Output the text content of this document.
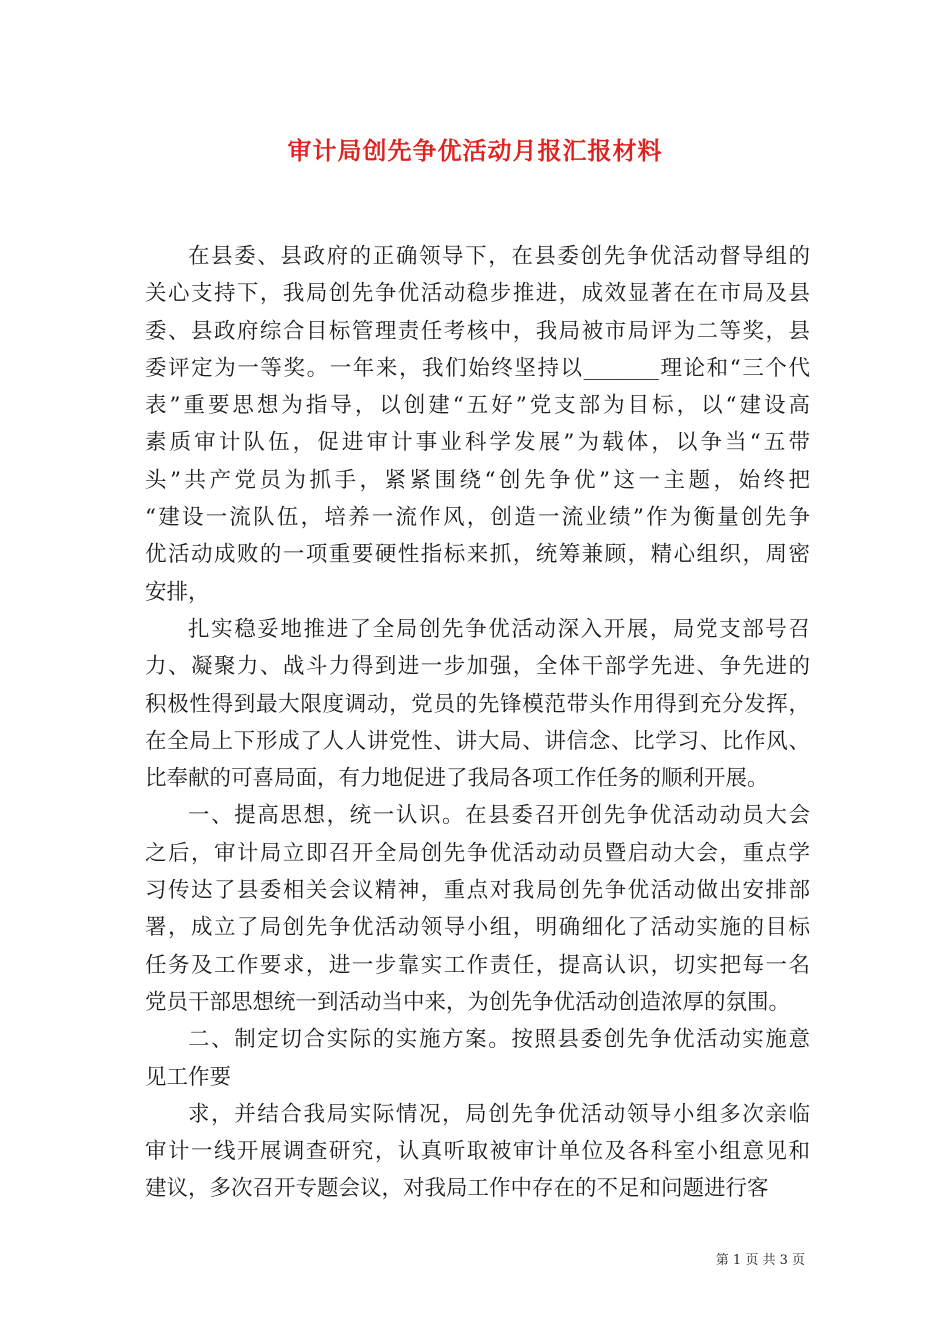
审计局创先争优活动月报汇报材料

在县委、县政府的正确领导下，在县委创先争优活动督导组的
关心支持下，我局创先争优活动稳步推进，成效显著在在市局及县
委、县政府综合目标管理责任考核中，我局被市局评为二等奖，县
委评定为一等奖。一年来，我们始终坚持以_______理论和“三个代
表”重要思想为指导，以创建“五好”党支部为目标，以“建设高
素质审计队伍，促进审计事业科学发展”为载体，以争当“五带
头”共产党员为抓手，紧紧围绕“创先争优”这一主题，始终把
“建设一流队伍，培养一流作风，创造一流业绩”作为衡量创先争
优活动成败的一项重要硬性指标来抓，统筹兼顾，精心组织，周密
安排，

扎实稳妥地推进了全局创先争优活动深入开展，局党支部号召
力、凝聚力、战斗力得到进一步加强，全体干部学先进、争先进的
积极性得到最大限度调动，党员的先锋模范带头作用得到充分发挥，
在全局上下形成了人人讲党性、讲大局、讲信念、比学习、比作风、
比奉献的可喜局面，有力地促进了我局各项工作任务的顺利开展。

一、提高思想，统一认识。在县委召开创先争优活动动员大会
之后，审计局立即召开全局创先争优活动动员暨启动大会，重点学
习传达了县委相关会议精神，重点对我局创先争优活动做出安排部
署，成立了局创先争优活动领导小组，明确细化了活动实施的目标
任务及工作要求，进一步靠实工作责任，提高认识，切实把每一名
党员干部思想统一到活动当中来，为创先争优活动创造浓厚的氛围。

二、制定切合实际的实施方案。按照县委创先争优活动实施意
见工作要

求，并结合我局实际情况，局创先争优活动领导小组多次亲临
审计一线开展调查研究，认真听取被审计单位及各科室小组意见和
建议，多次召开专题会议，对我局工作中存在的不足和问题进行客

第 1 页 共 3 页
